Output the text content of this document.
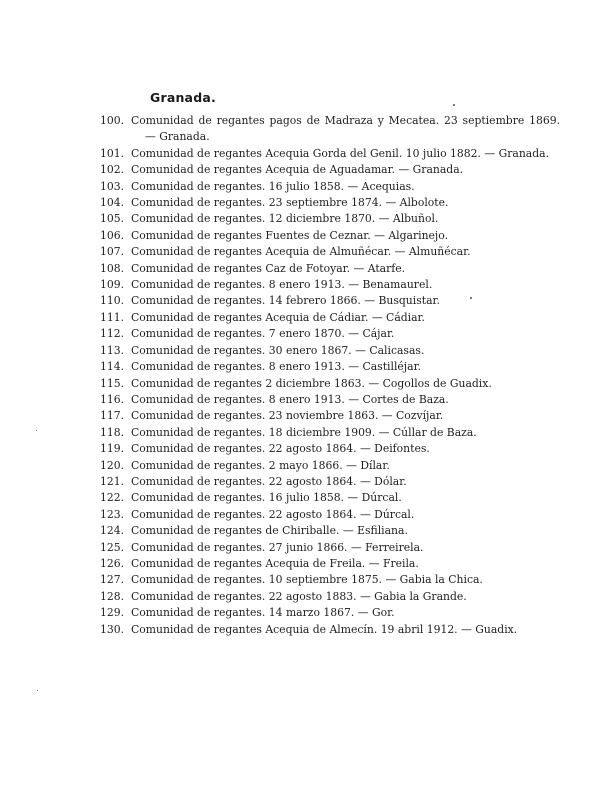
Granada.
100. Comunidad de regantes pagos de Madraza y Mecatea. 23 septiembre 1869. — Granada.
101. Comunidad de regantes Acequia Gorda del Genil. 10 julio 1882. — Granada.
102. Comunidad de regantes Acequia de Aguadamar. — Granada.
103. Comunidad de regantes. 16 julio 1858. — Acequias.
104. Comunidad de regantes. 23 septiembre 1874. — Albolote.
105. Comunidad de regantes. 12 diciembre 1870. — Albuñol.
106. Comunidad de regantes Fuentes de Ceznar. — Algarinejo.
107. Comunidad de regantes Acequia de Almuñécar. — Almuñécar.
108. Comunidad de regantes Caz de Fotoyar. — Atarfe.
109. Comunidad de regantes. 8 enero 1913. — Benamaurel.
110. Comunidad de regantes. 14 febrero 1866. — Busquistar.
111. Comunidad de regantes Acequia de Cádiar. — Cádiar.
112. Comunidad de regantes. 7 enero 1870. — Cájar.
113. Comunidad de regantes. 30 enero 1867. — Calicasas.
114. Comunidad de regantes. 8 enero 1913. — Castilléjar.
115. Comunidad de regantes 2 diciembre 1863. — Cogollos de Guadix.
116. Comunidad de regantes. 8 enero 1913. — Cortes de Baza.
117. Comunidad de regantes. 23 noviembre 1863. — Cozvíjar.
118. Comunidad de regantes. 18 diciembre 1909. — Cúllar de Baza.
119. Comunidad de regantes. 22 agosto 1864. — Deifontes.
120. Comunidad de regantes. 2 mayo 1866. — Dílar.
121. Comunidad de regantes. 22 agosto 1864. — Dólar.
122. Comunidad de regantes. 16 julio 1858. — Dúrcal.
123. Comunidad de regantes. 22 agosto 1864. — Dúrcal.
124. Comunidad de regantes de Chiriballe. — Esfiliana.
125. Comunidad de regantes. 27 junio 1866. — Ferreirela.
126. Comunidad de regantes Acequia de Freila. — Freila.
127. Comunidad de regantes. 10 septiembre 1875. — Gabia la Chica.
128. Comunidad de regantes. 22 agosto 1883. — Gabia la Grande.
129. Comunidad de regantes. 14 marzo 1867. — Gor.
130. Comunidad de regantes Acequia de Almecín. 19 abril 1912. — Guadix.
